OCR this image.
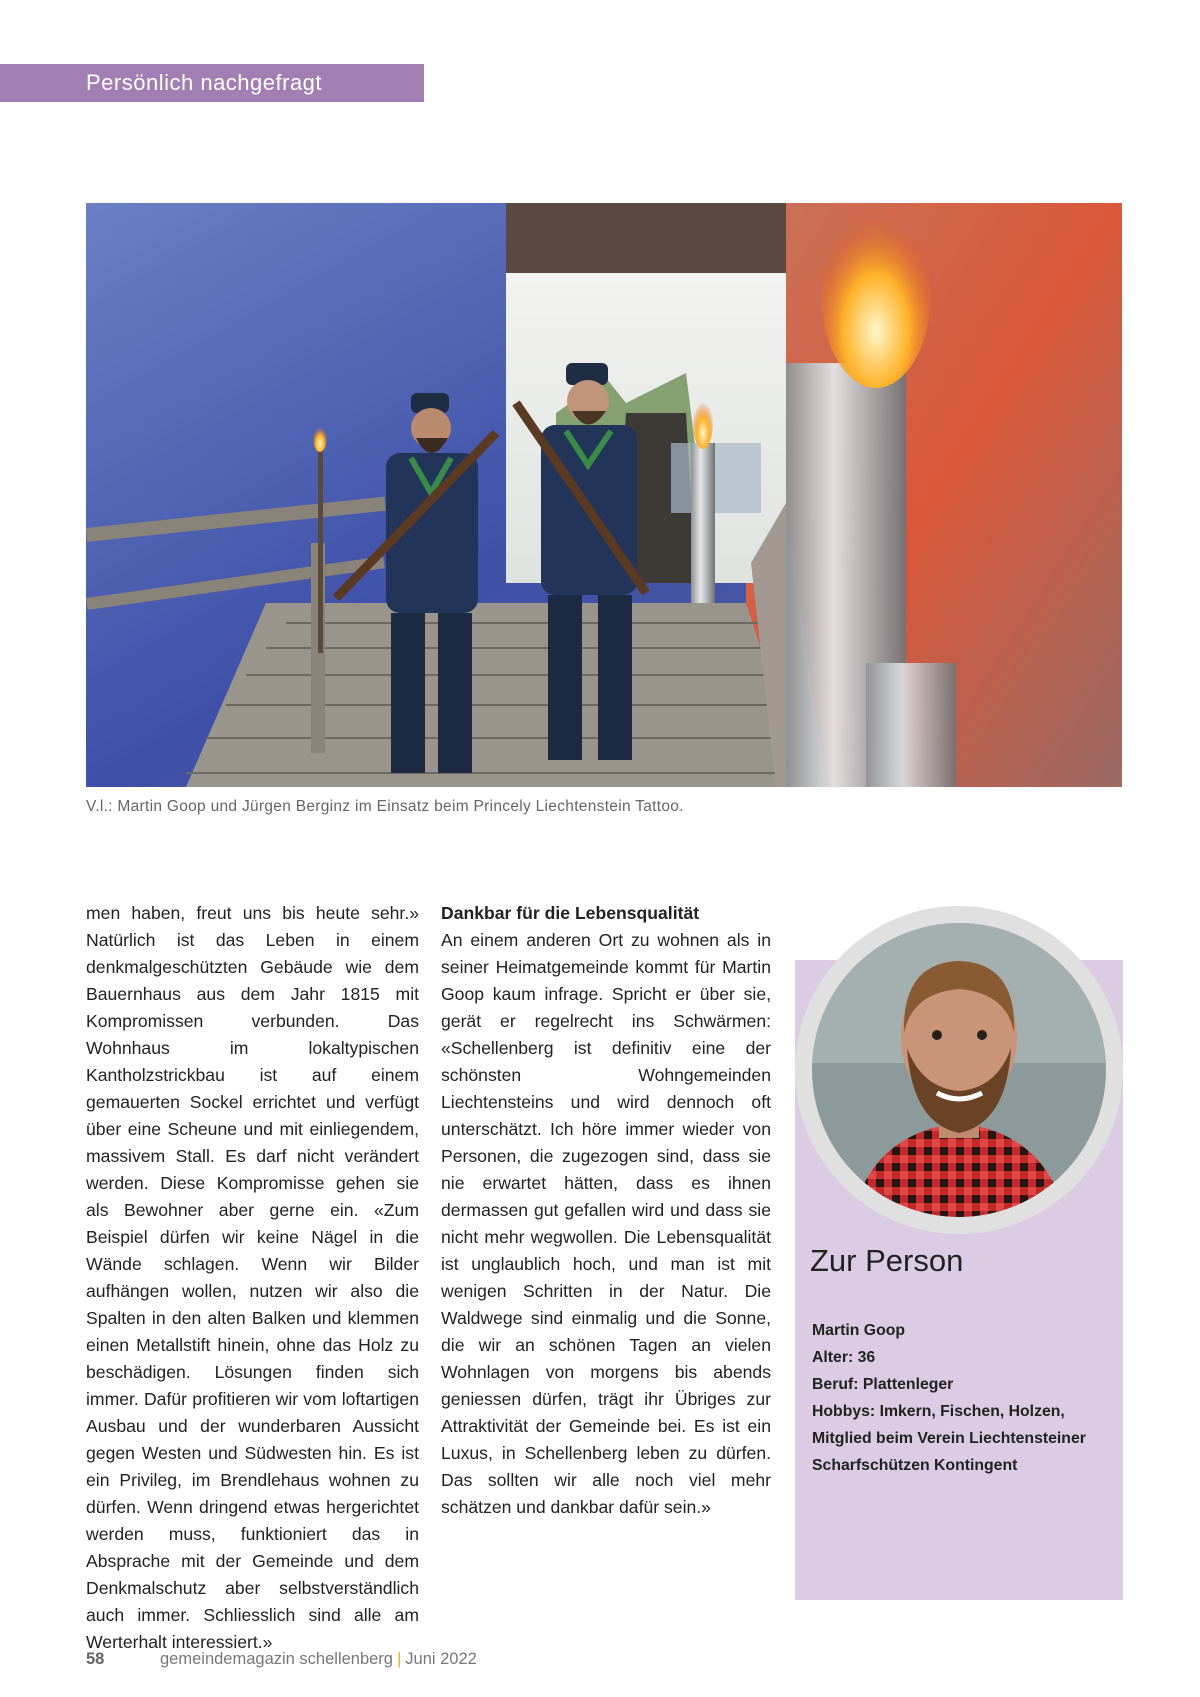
Persönlich nachgefragt
V.l.: Martin Goop und Jürgen Berginz im Einsatz beim Princely Liechtenstein Tattoo.

men haben, freut uns bis heute sehr.» Natürlich ist das Leben in einem denkmalgeschützten Gebäude wie dem Bauernhaus aus dem Jahr 1815 mit Kompromissen verbunden. Das Wohnhaus im lokaltypischen Kantholzstrickbau ist auf einem gemauerten Sockel errichtet und verfügt über eine Scheune und mit einliegendem, massivem Stall. Es darf nicht verändert werden. Diese Kompromisse gehen sie als Bewohner aber gerne ein. «Zum Beispiel dürfen wir keine Nägel in die Wände schlagen. Wenn wir Bilder aufhängen wollen, nutzen wir also die Spalten in den alten Balken und klemmen einen Metallstift hinein, ohne das Holz zu beschädigen. Lösungen finden sich immer. Dafür profitieren wir vom loftartigen Ausbau und der wunderbaren Aussicht gegen Westen und Südwesten hin. Es ist ein Privileg, im Brendlehaus wohnen zu dürfen. Wenn dringend etwas hergerichtet werden muss, funktioniert das in Absprache mit der Gemeinde und dem Denkmalschutz aber selbstverständlich auch immer. Schliesslich sind alle am Werterhalt interessiert.»

Dankbar für die Lebensqualität

An einem anderen Ort zu wohnen als in seiner Heimatgemeinde kommt für Martin Goop kaum infrage. Spricht er über sie, gerät er regelrecht ins Schwärmen: «Schellenberg ist definitiv eine der schönsten Wohngemeinden Liechtensteins und wird dennoch oft unterschätzt. Ich höre immer wieder von Personen, die zugezogen sind, dass sie nie erwartet hätten, dass es ihnen dermassen gut gefallen wird und dass sie nicht mehr wegwollen. Die Lebensqualität ist unglaublich hoch, und man ist mit wenigen Schritten in der Natur. Die Waldwege sind einmalig und die Sonne, die wir an schönen Tagen an vielen Wohnlagen von morgens bis abends geniessen dürfen, trägt ihr Übriges zur Attraktivität der Gemeinde bei. Es ist ein Luxus, in Schellenberg leben zu dürfen. Das sollten wir alle noch viel mehr schätzen und dankbar dafür sein.»

Zur Person
Martin Goop
Alter: 36
Beruf: Plattenleger
Hobbys: Imkern, Fischen, Holzen,
Mitglied beim Verein Liechtensteiner
Scharfschützen Kontingent
58	gemeindemagazin schellenberg | Juni 2022
